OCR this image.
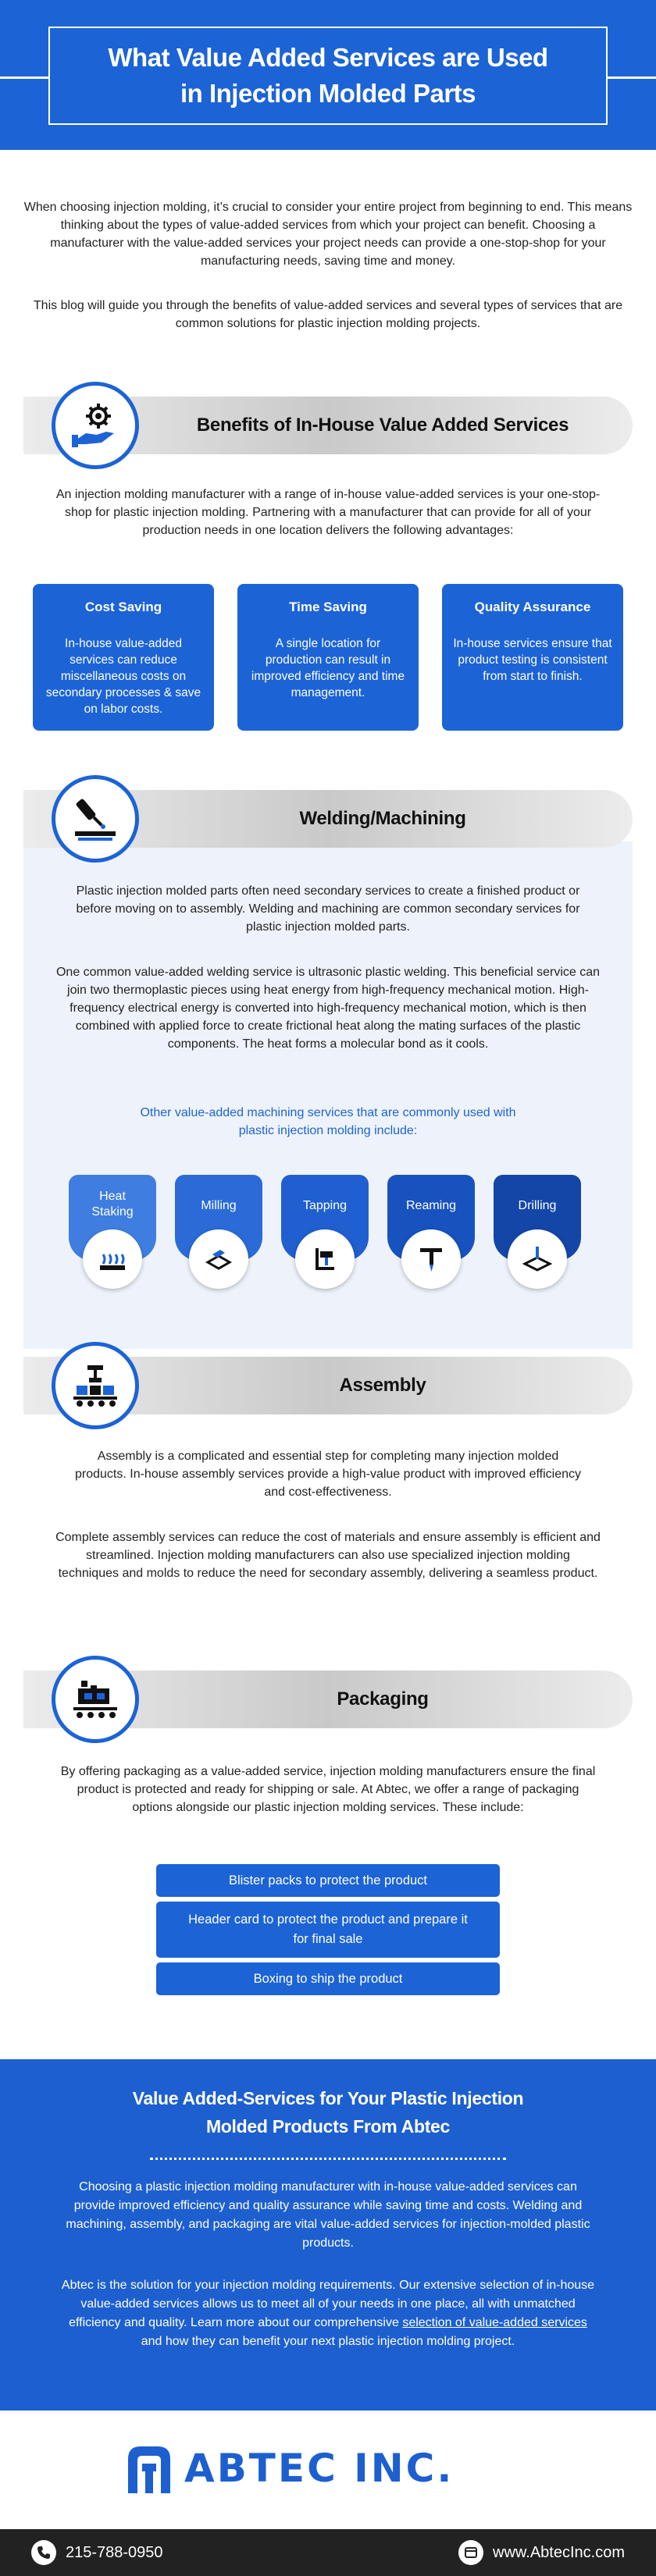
What Value Added Services are Used
in Injection Molded Parts

When choosing injection molding, it’s crucial to consider your entire project from beginning to end. This means thinking about the types of value-added services from which your project can benefit. Choosing a manufacturer with the value-added services your project needs can provide a one-stop-shop for your manufacturing needs, saving time and money.

This blog will guide you through the benefits of value-added services and several types of services that are common solutions for plastic injection molding projects.

Benefits of In-House Value Added Services

An injection molding manufacturer with a range of in-house value-added services is your one-stop-shop for plastic injection molding. Partnering with a manufacturer that can provide for all of your production needs in one location delivers the following advantages:

Cost Saving
In-house value-added services can reduce miscellaneous costs on secondary processes & save on labor costs.
Time Saving
A single location for production can result in improved efficiency and time management.
Quality Assurance
In-house services ensure that product testing is consistent from start to finish.
Welding/Machining

Plastic injection molded parts often need secondary services to create a finished product or before moving on to assembly. Welding and machining are common secondary services for plastic injection molded parts.

One common value-added welding service is ultrasonic plastic welding. This beneficial service can join two thermoplastic pieces using heat energy from high-frequency mechanical motion. High-frequency electrical energy is converted into high-frequency mechanical motion, which is then combined with applied force to create frictional heat along the mating surfaces of the plastic components. The heat forms a molecular bond as it cools.

Other value-added machining services that are commonly used with plastic injection molding include:

Heat Staking	Milling	Tapping	Reaming	Drilling
Assembly

Assembly is a complicated and essential step for completing many injection molded products. In-house assembly services provide a high-value product with improved efficiency and cost-effectiveness.

Complete assembly services can reduce the cost of materials and ensure assembly is efficient and streamlined. Injection molding manufacturers can also use specialized injection molding techniques and molds to reduce the need for secondary assembly, delivering a seamless product.

Packaging

By offering packaging as a value-added service, injection molding manufacturers ensure the final product is protected and ready for shipping or sale. At Abtec, we offer a range of packaging options alongside our plastic injection molding services. These include:

Blister packs to protect the product
Header card to protect the product and prepare it for final sale
Boxing to ship the product
Value Added-Services for Your Plastic Injection
Molded Products From Abtec

Choosing a plastic injection molding manufacturer with in-house value-added services can provide improved efficiency and quality assurance while saving time and costs. Welding and machining, assembly, and packaging are vital value-added services for injection-molded plastic products.

Abtec is the solution for your injection molding requirements. Our extensive selection of in-house value-added services allows us to meet all of your needs in one place, all with unmatched efficiency and quality. Learn more about our comprehensive selection of value-added services and how they can benefit your next plastic injection molding project.

ABTEC INC.
215-788-0950	www.AbtecInc.com
